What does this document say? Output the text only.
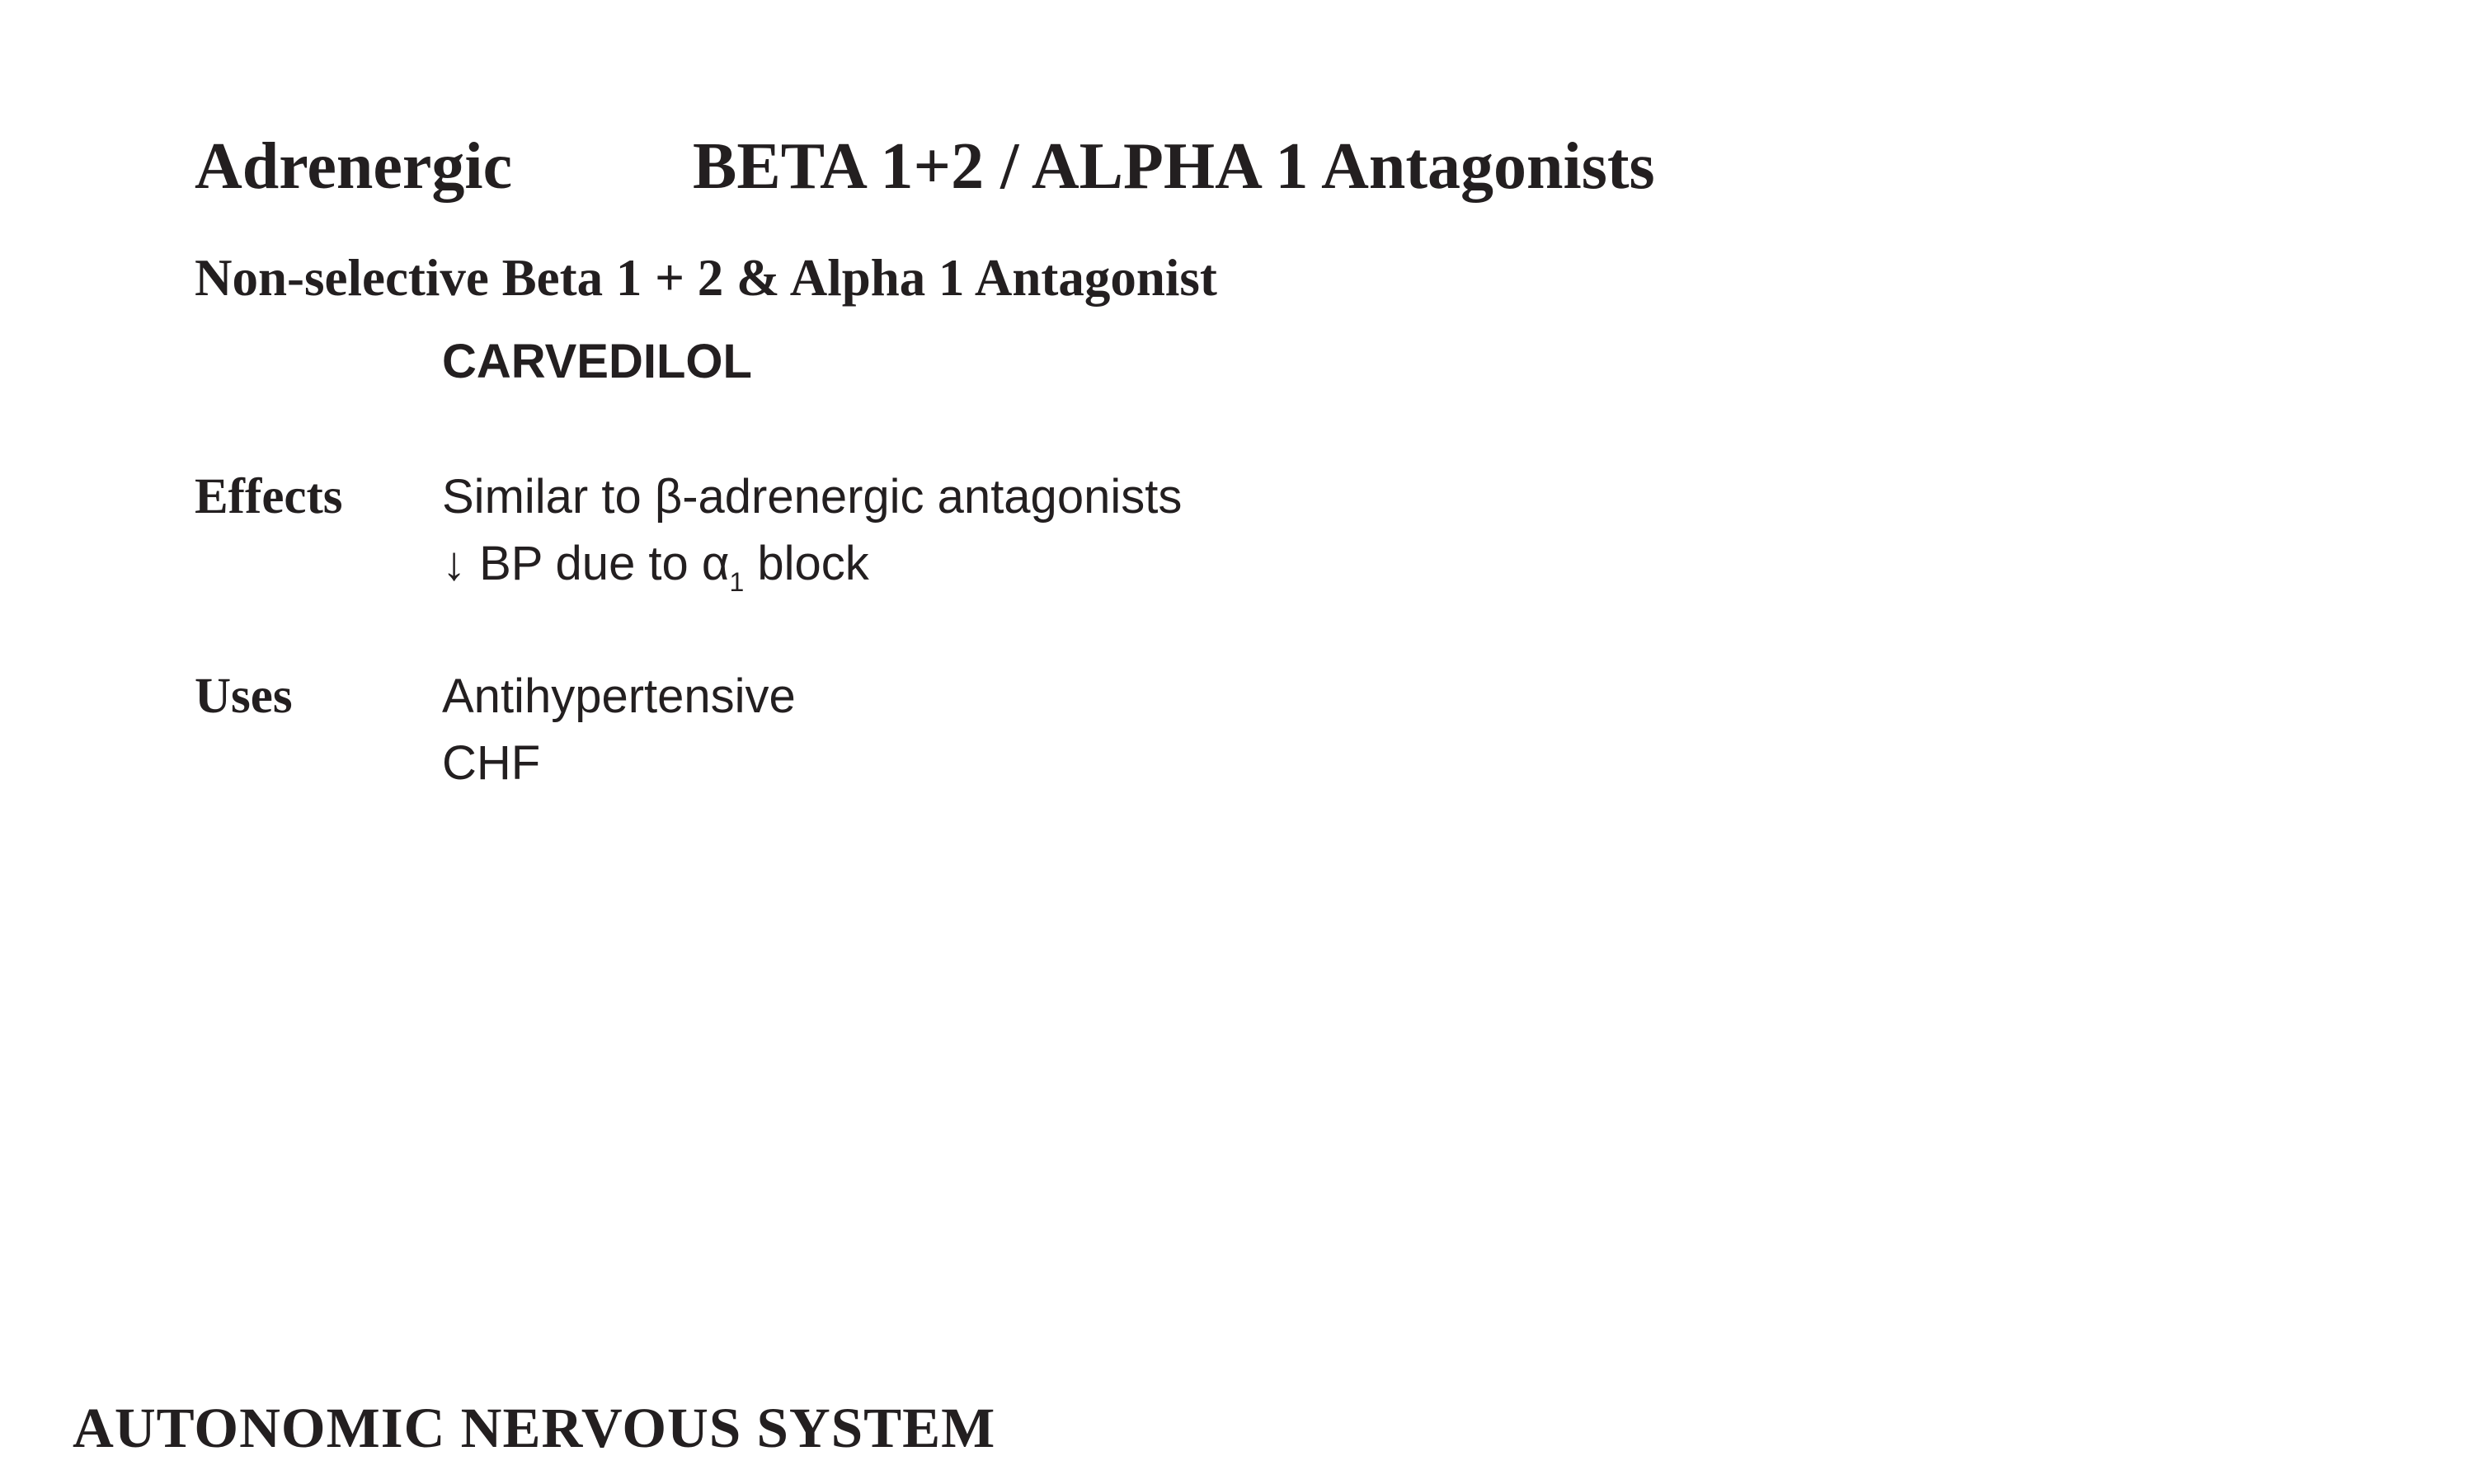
Adrenergic	BETA 1+2 / ALPHA 1 Antagonists
Non-selective Beta 1 + 2 & Alpha 1 Antagonist
CARVEDILOL
Effects Similar to β-adrenergic antagonists
↓ BP due to $\alpha_1$ block
Uses	Antihypertensive
CHF
AUTONOMIC NERVOUS SYSTEM
